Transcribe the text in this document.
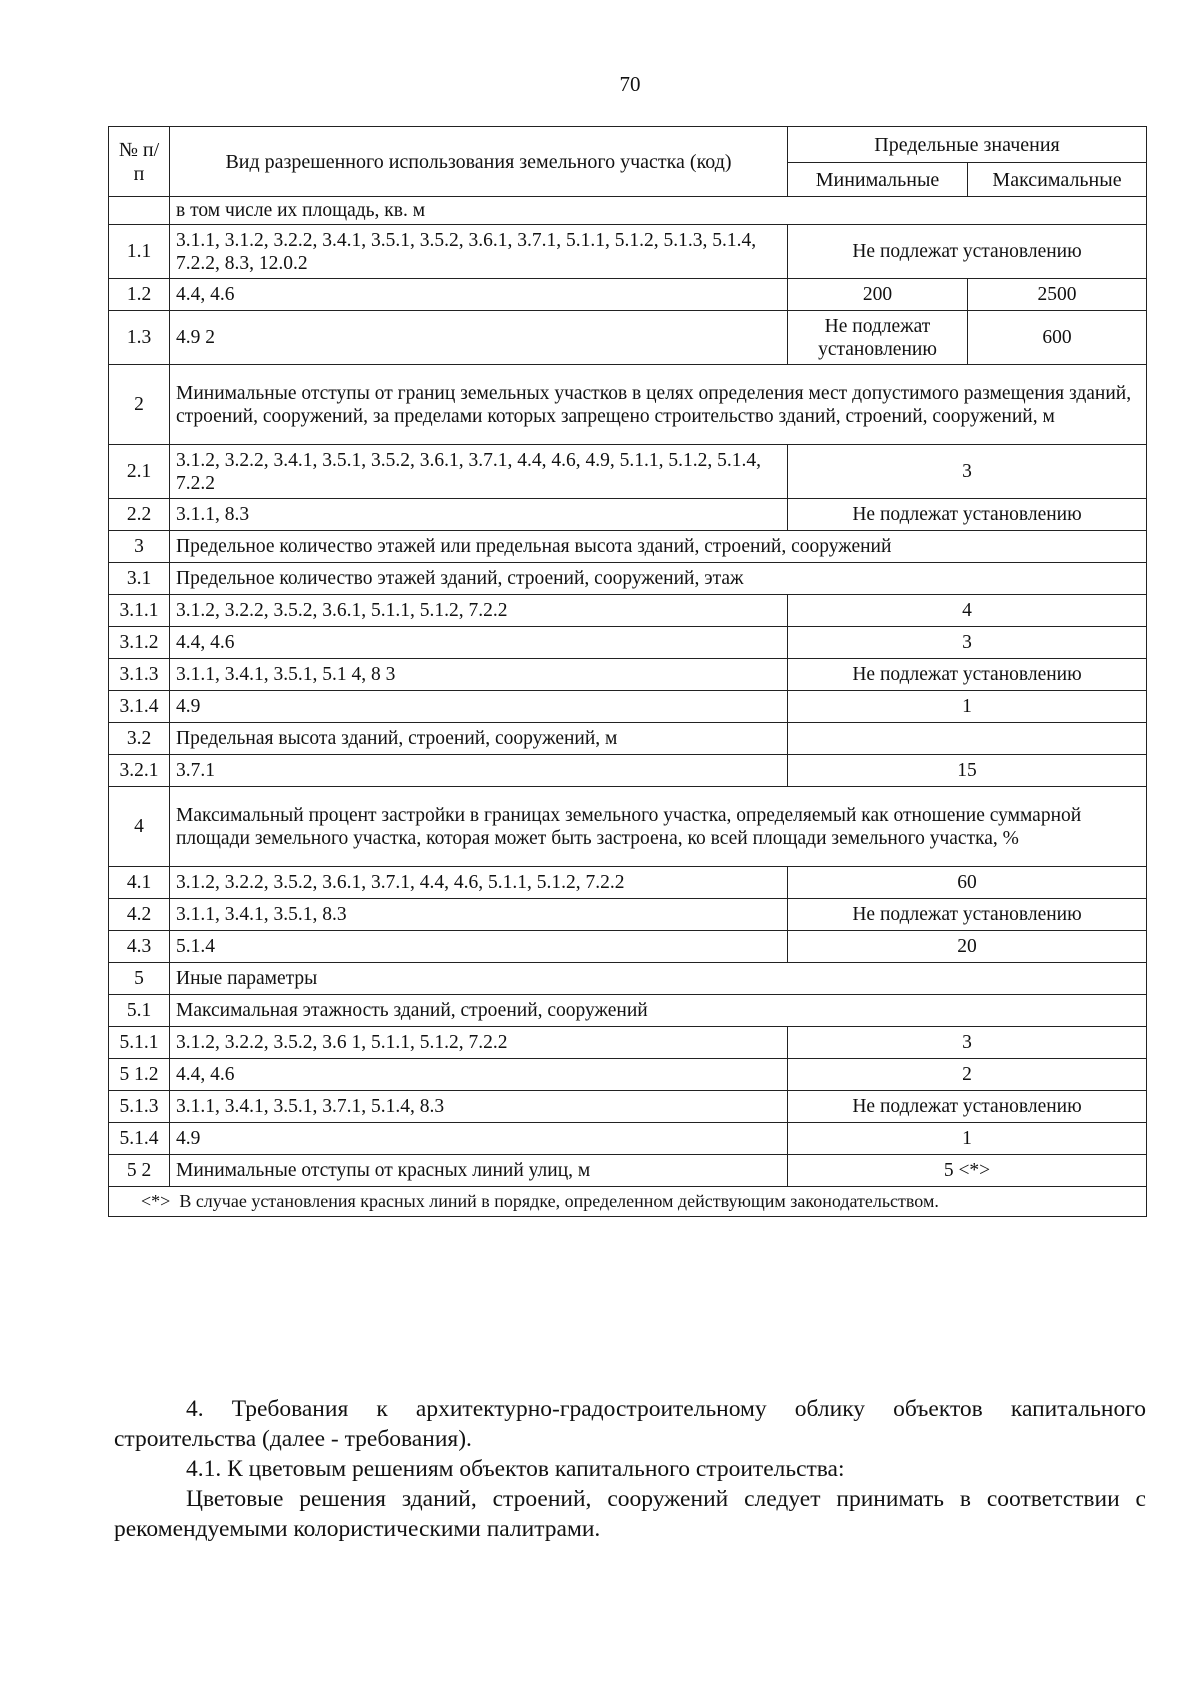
70
№ п/п	Вид разрешенного использования земельного участка (код)	Предельные значения	
		Минимальные	Максимальные
	в том числе их площадь, кв. м		
1.1	3.1.1, 3.1.2, 3.2.2, 3.4.1, 3.5.1, 3.5.2, 3.6.1, 3.7.1, 5.1.1, 5.1.2, 5.1.3, 5.1.4, 7.2.2, 8.3, 12.0.2	Не подлежат установлению	
1.2	4.4, 4.6	200	2500
1.3	4.9 2	Не подлежат установлению	600
2	Минимальные отступы от границ земельных участков в целях определения мест допустимого размещения зданий, строений, сооружений, за пределами которых запрещено строительство зданий, строений, сооружений, м		
2.1	3.1.2, 3.2.2, 3.4.1, 3.5.1, 3.5.2, 3.6.1, 3.7.1, 4.4, 4.6, 4.9, 5.1.1, 5.1.2, 5.1.4, 7.2.2	3	
2.2	3.1.1, 8.3	Не подлежат установлению	
3	Предельное количество этажей или предельная высота зданий, строений, сооружений		
3.1	Предельное количество этажей зданий, строений, сооружений, этаж		
3.1.1	3.1.2, 3.2.2, 3.5.2, 3.6.1, 5.1.1, 5.1.2, 7.2.2	4	
3.1.2	4.4, 4.6	3	
3.1.3	3.1.1, 3.4.1, 3.5.1, 5.1 4, 8 3	Не подлежат установлению	
3.1.4	4.9	1	
3.2	Предельная высота зданий, строений, сооружений, м		
3.2.1	3.7.1	15	
4	Максимальный процент застройки в границах земельного участка, определяемый как отношение суммарной площади земельного участка, которая может быть застроена, ко всей площади земельного участка, %		
4.1	3.1.2, 3.2.2, 3.5.2, 3.6.1, 3.7.1, 4.4, 4.6, 5.1.1, 5.1.2, 7.2.2	60	
4.2	3.1.1, 3.4.1, 3.5.1, 8.3	Не подлежат установлению	
4.3	5.1.4	20	
5	Иные параметры		
5.1	Максимальная этажность зданий, строений, сооружений		
5.1.1	3.1.2, 3.2.2, 3.5.2, 3.6 1, 5.1.1, 5.1.2, 7.2.2	3	
5 1.2	4.4, 4.6	2	
5.1.3	3.1.1, 3.4.1, 3.5.1, 3.7.1, 5.1.4, 8.3	Не подлежат установлению	
5.1.4	4.9	1	
5 2	Минимальные отступы от красных линий улиц, м	5 <*>	
<*> В случае установления красных линий в порядке, определенном действующим законодательством.			

4. Требования к архитектурно-градостроительному облику объектов капитального строительства (далее - требования).

4.1. К цветовым решениям объектов капитального строительства:

Цветовые решения зданий, строений, сооружений следует принимать в соответствии с рекомендуемыми колористическими палитрами.
